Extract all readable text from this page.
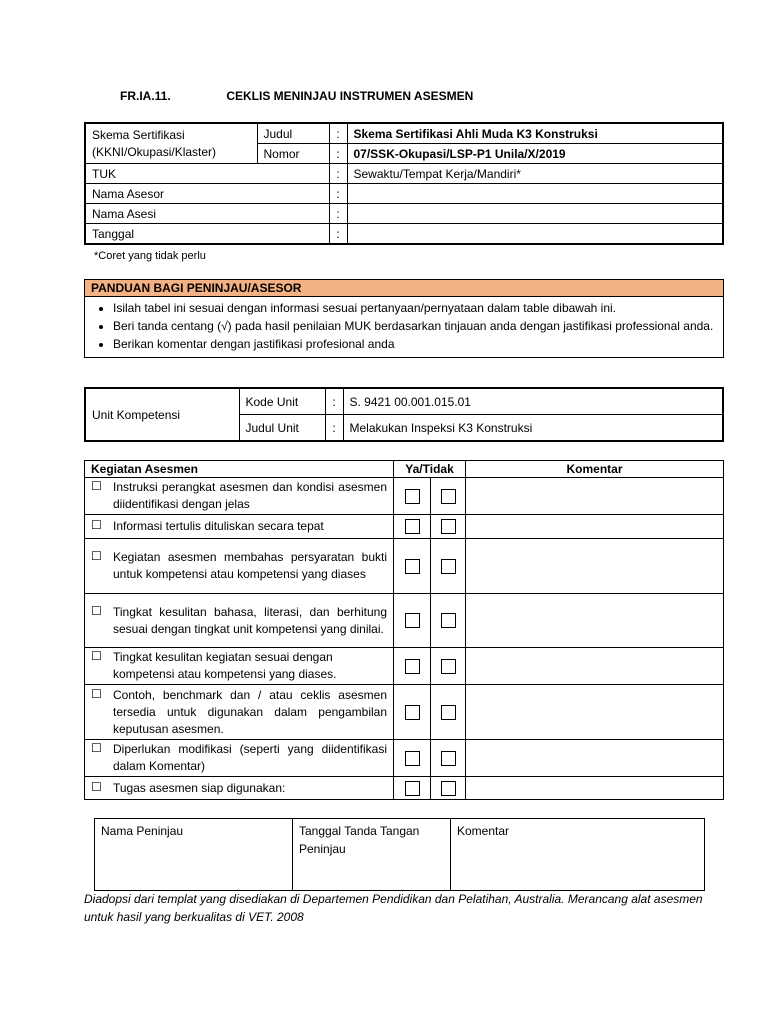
FR.IA.11.	CEKLIS MENINJAU INSTRUMEN ASESMEN
Skema Sertifikasi
(KKNI/Okupasi/Klaster)	Judul	:	Skema Sertifikasi Ahli Muda K3 Konstruksi
	Nomor	:	07/SSK-Okupasi/LSP-P1 Unila/X/2019
TUK		:	Sewaktu/Tempat Kerja/Mandiri*
Nama Asesor		:	
Nama Asesi		:	
Tanggal		:	
*Coret yang tidak perlu
PANDUAN BAGI PENINJAU/ASESOR

• Isilah tabel ini sesuai dengan informasi sesuai pertanyaan/pernyataan dalam table dibawah ini.
• Beri tanda centang (√) pada hasil penilaian MUK berdasarkan tinjauan anda dengan jastifikasi professional anda.
• Berikan komentar dengan jastifikasi profesional anda
Unit Kompetensi	Kode Unit	:	S. 9421 00.001.015.01
	Judul Unit	:	Melakukan Inspeksi K3 Konstruksi
Kegiatan Asesmen	Ya/Tidak		Komentar

☐ Instruksi perangkat asesmen dan kondisi asesmen diidentifikasi dengan jelas			

☐ Informasi tertulis dituliskan secara tepat			

☐ Kegiatan asesmen membahas persyaratan bukti untuk kompetensi atau kompetensi yang diases			

☐ Tingkat kesulitan bahasa, literasi, dan berhitung sesuai dengan tingkat unit kompetensi yang dinilai.			

☐ Tingkat kesulitan kegiatan sesuai dengan kompetensi atau kompetensi yang diases.			

☐ Contoh, benchmark dan / atau ceklis asesmen tersedia untuk digunakan dalam pengambilan keputusan asesmen.			

☐ Diperlukan modifikasi (seperti yang diidentifikasi dalam Komentar)			

☐ Tugas asesmen siap digunakan:			

Nama Peninjau	Tanggal Tanda Tangan Peninjau	Komentar
Diadopsi dari templat yang disediakan di Departemen Pendidikan dan Pelatihan, Australia. Merancang alat asesmen untuk hasil yang berkualitas di VET. 2008
